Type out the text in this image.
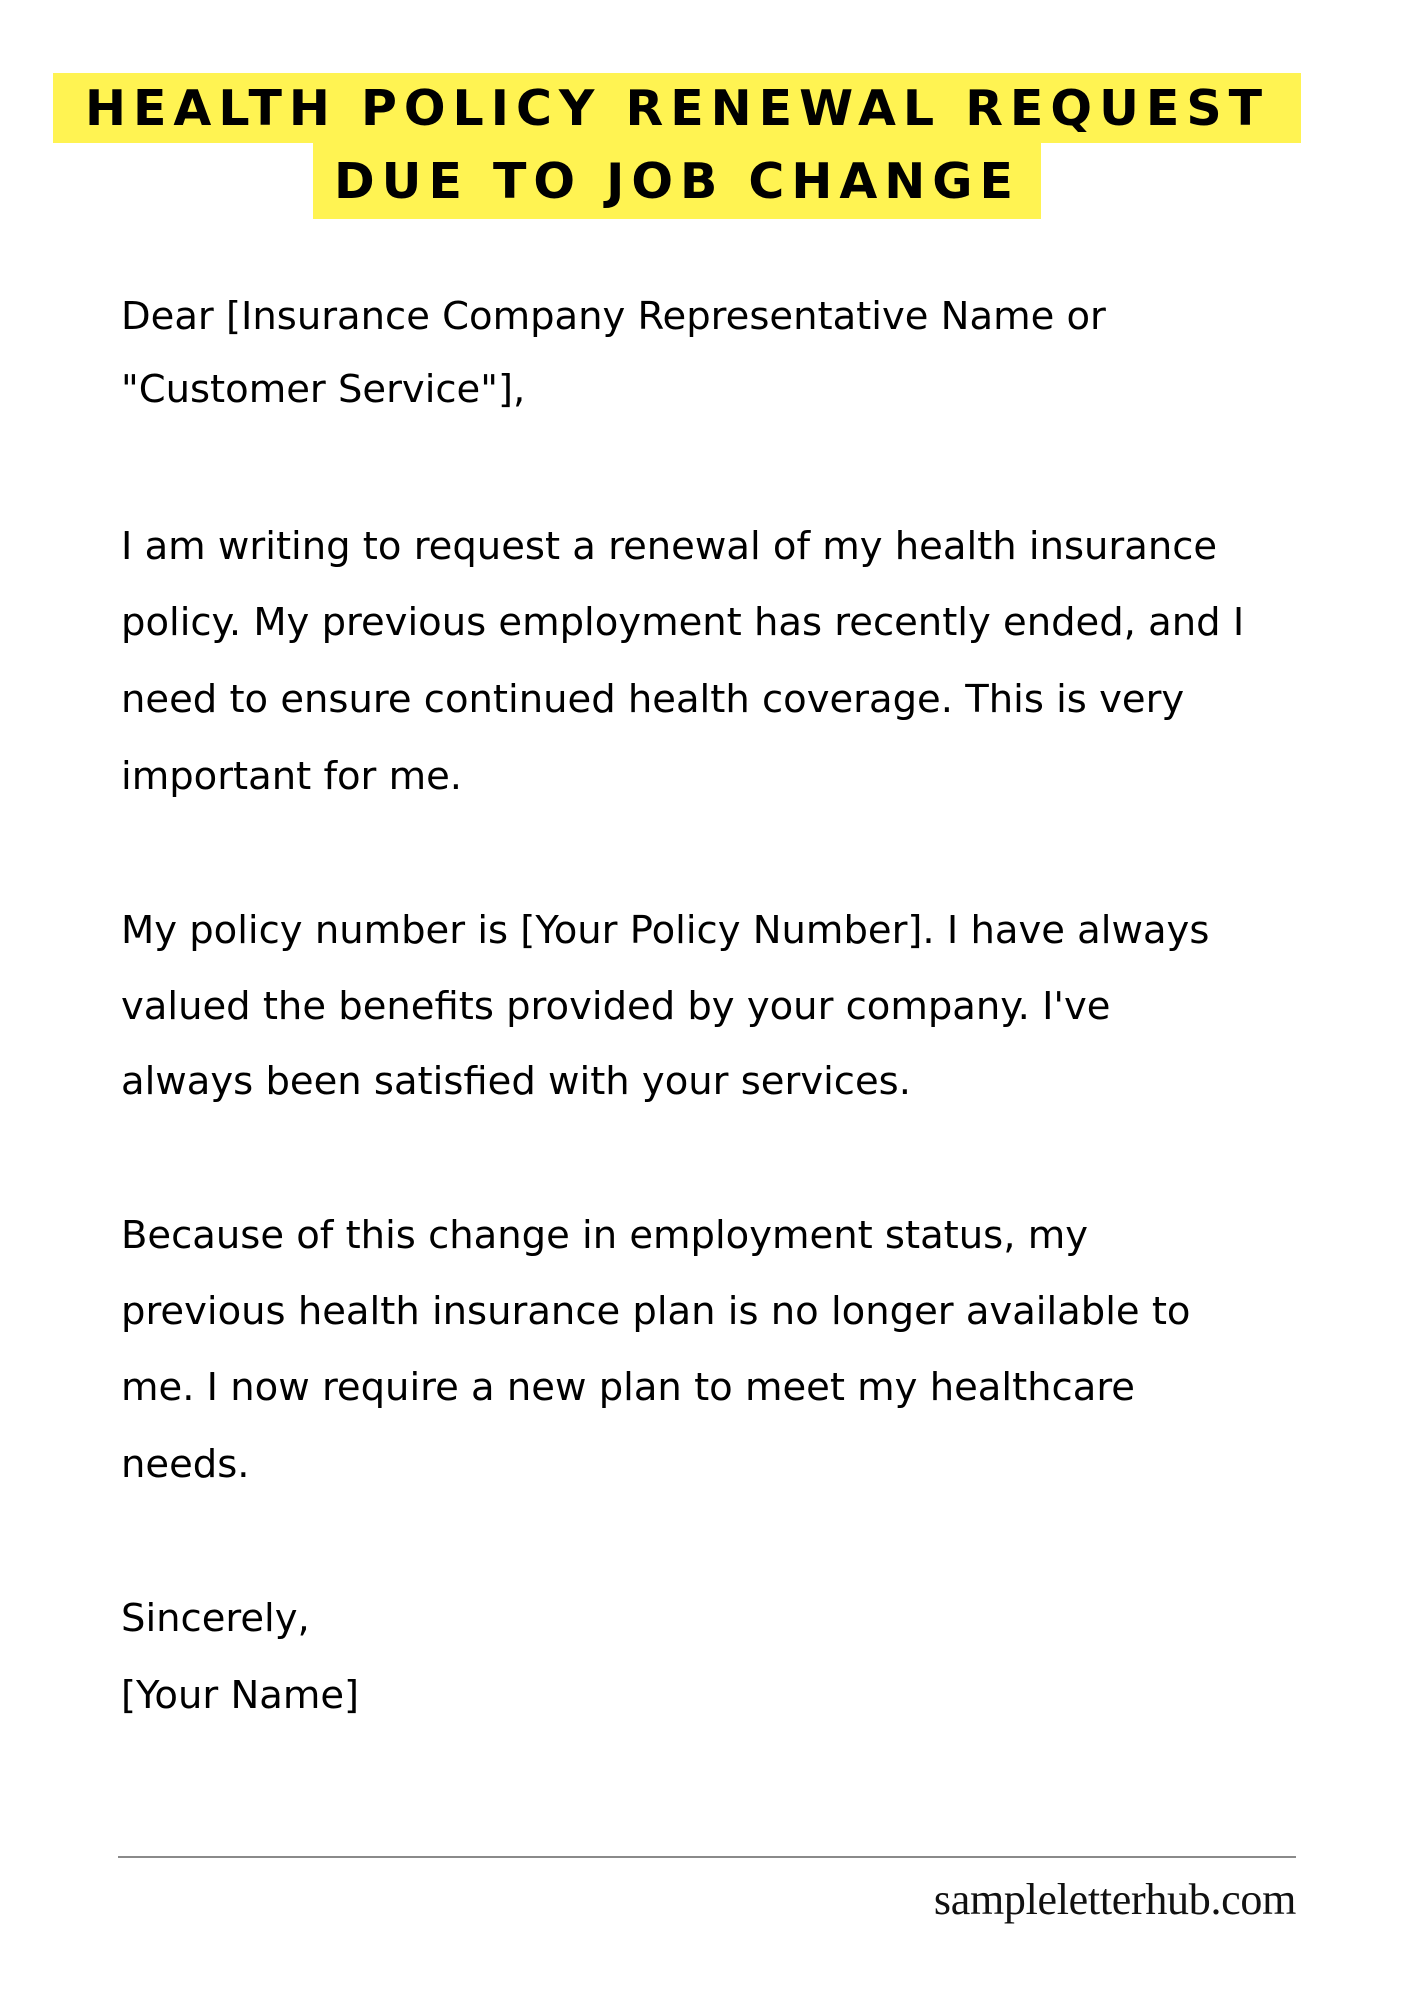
HEALTH POLICY RENEWAL REQUEST
DUE TO JOB CHANGE
Dear [Insurance Company Representative Name or
"Customer Service"],
I am writing to request a renewal of my health insurance
policy. My previous employment has recently ended, and I
need to ensure continued health coverage. This is very
important for me.
My policy number is [Your Policy Number]. I have always
valued the benefits provided by your company. I've
always been satisfied with your services.
Because of this change in employment status, my
previous health insurance plan is no longer available to
me. I now require a new plan to meet my healthcare
needs.
Sincerely,
[Your Name]
sampleletterhub.com
